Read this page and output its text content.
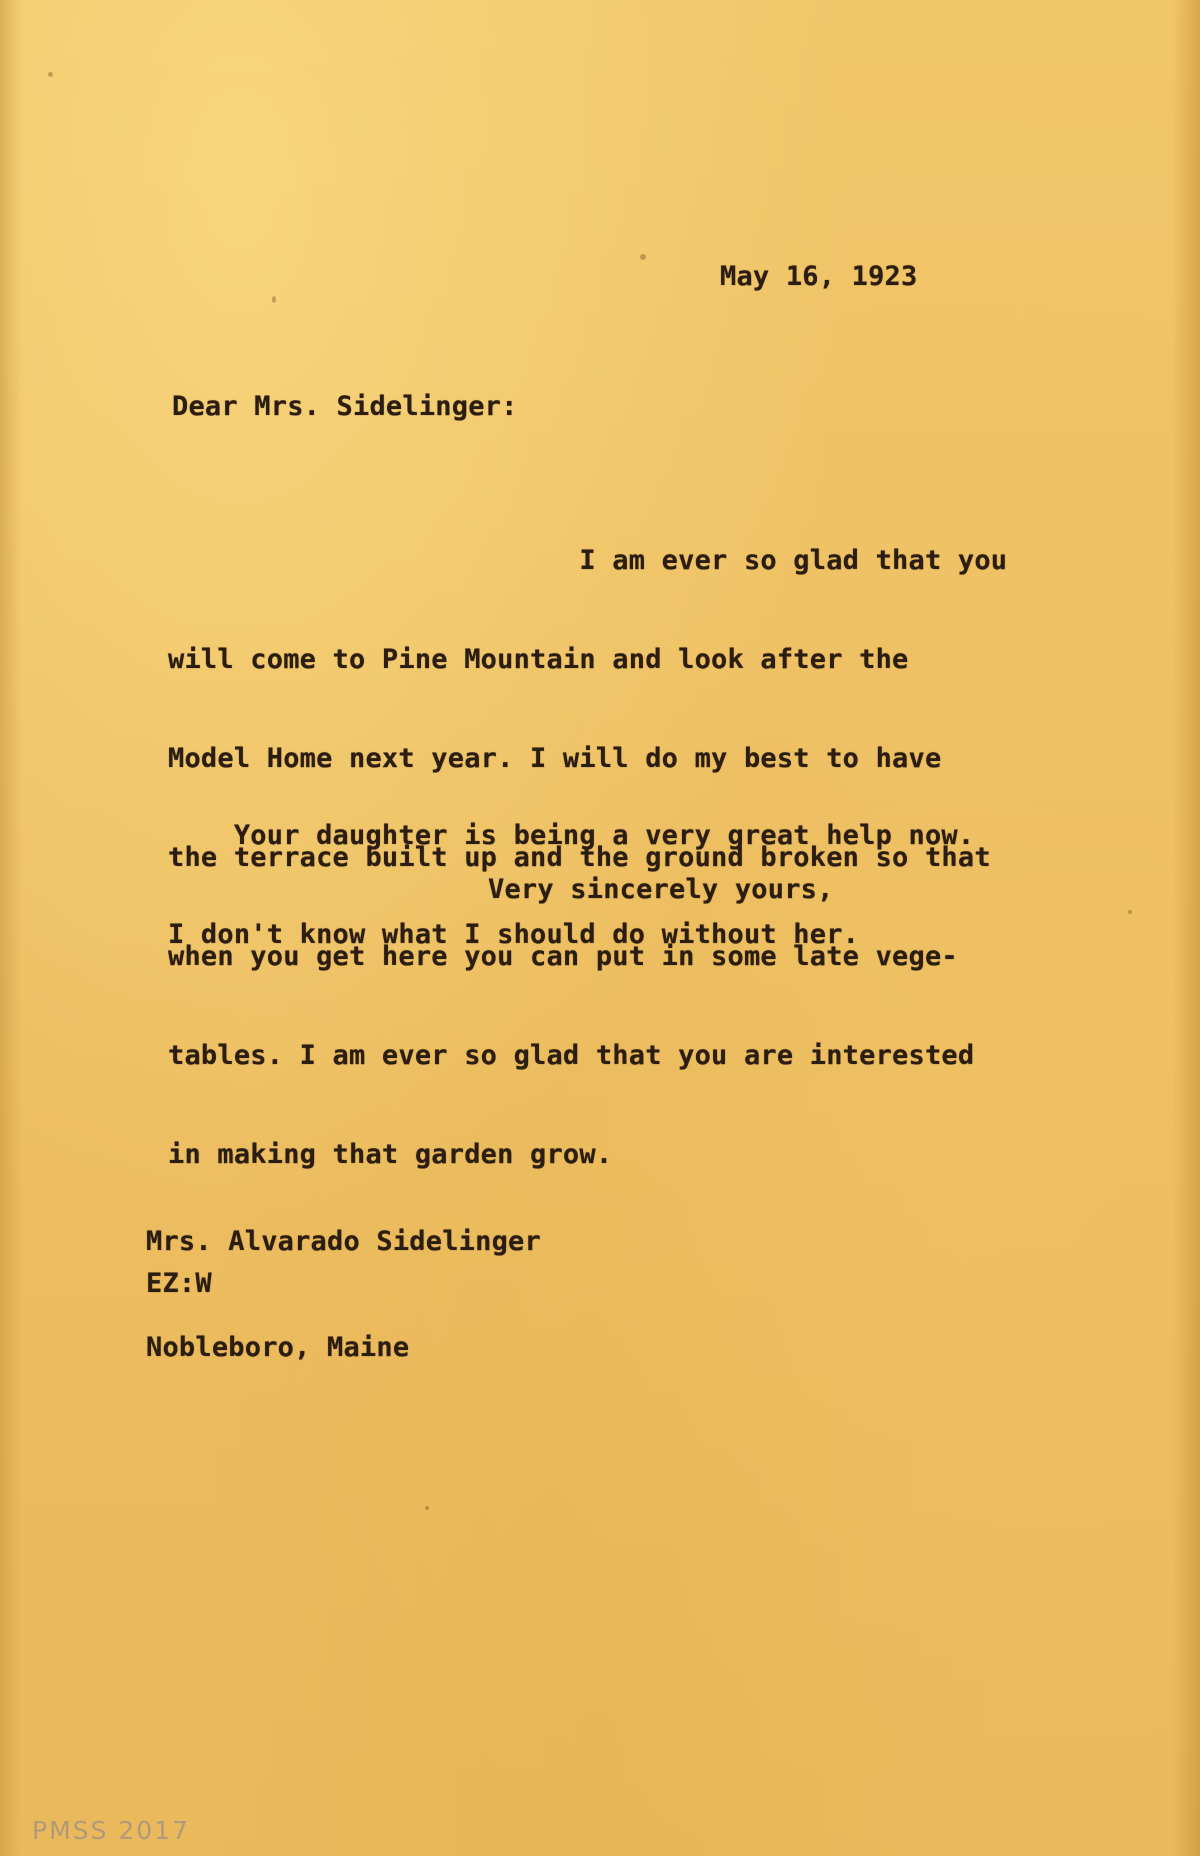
May 16, 1923
Dear Mrs. Sidelinger:

I am ever so glad that you

will come to Pine Mountain and look after the

Model Home next year. I will do my best to have

the terrace built up and the ground broken so that

when you get here you can put in some late vege-

tables. I am ever so glad that you are interested

in making that garden grow.

Your daughter is being a very great help now.

I don't know what I should do without her.

Very sincerely yours,

Mrs. Alvarado Sidelinger

Nobleboro, Maine

EZ:W
PMSS 2017
